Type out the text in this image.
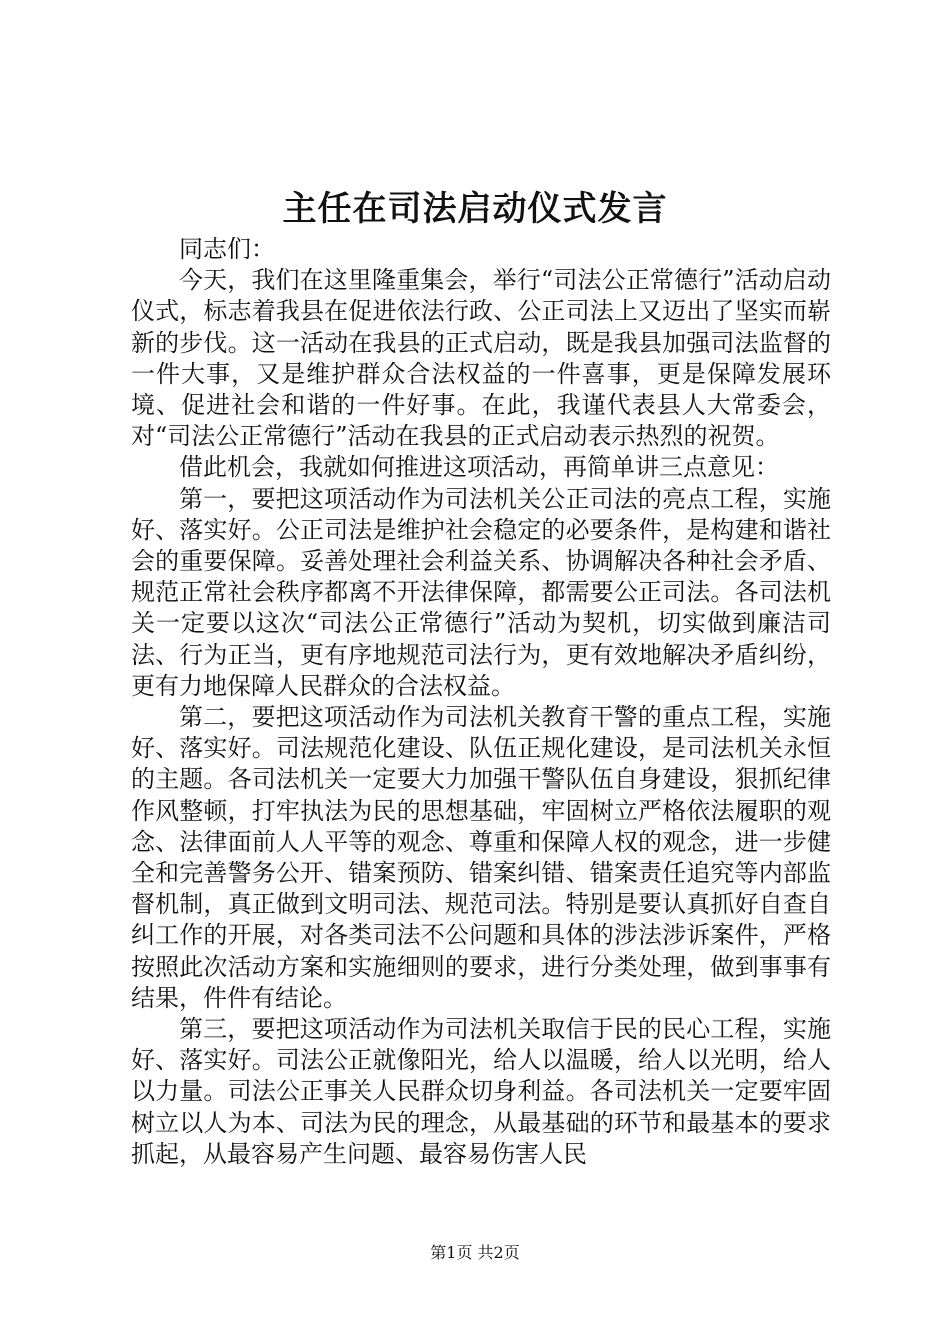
主任在司法启动仪式发言

同志们：

今天，我们在这里隆重集会，举行“司法公正常德行”活动启动仪式，标志着我县在促进依法行政、公正司法上又迈出了坚实而崭新的步伐。这一活动在我县的正式启动，既是我县加强司法监督的一件大事，又是维护群众合法权益的一件喜事，更是保障发展环境、促进社会和谐的一件好事。在此，我谨代表县人大常委会，对“司法公正常德行”活动在我县的正式启动表示热烈的祝贺。

借此机会，我就如何推进这项活动，再简单讲三点意见：

第一，要把这项活动作为司法机关公正司法的亮点工程，实施好、落实好。公正司法是维护社会稳定的必要条件，是构建和谐社会的重要保障。妥善处理社会利益关系、协调解决各种社会矛盾、规范正常社会秩序都离不开法律保障，都需要公正司法。各司法机关一定要以这次“司法公正常德行”活动为契机，切实做到廉洁司法、行为正当，更有序地规范司法行为，更有效地解决矛盾纠纷，更有力地保障人民群众的合法权益。

第二，要把这项活动作为司法机关教育干警的重点工程，实施好、落实好。司法规范化建设、队伍正规化建设，是司法机关永恒的主题。各司法机关一定要大力加强干警队伍自身建设，狠抓纪律作风整顿，打牢执法为民的思想基础，牢固树立严格依法履职的观念、法律面前人人平等的观念、尊重和保障人权的观念，进一步健全和完善警务公开、错案预防、错案纠错、错案责任追究等内部监督机制，真正做到文明司法、规范司法。特别是要认真抓好自查自纠工作的开展，对各类司法不公问题和具体的涉法涉诉案件，严格按照此次活动方案和实施细则的要求，进行分类处理，做到事事有结果，件件有结论。

第三，要把这项活动作为司法机关取信于民的民心工程，实施好、落实好。司法公正就像阳光，给人以温暖，给人以光明，给人以力量。司法公正事关人民群众切身利益。各司法机关一定要牢固树立以人为本、司法为民的理念，从最基础的环节和最基本的要求抓起，从最容易产生问题、最容易伤害人民

第1页 共2页
